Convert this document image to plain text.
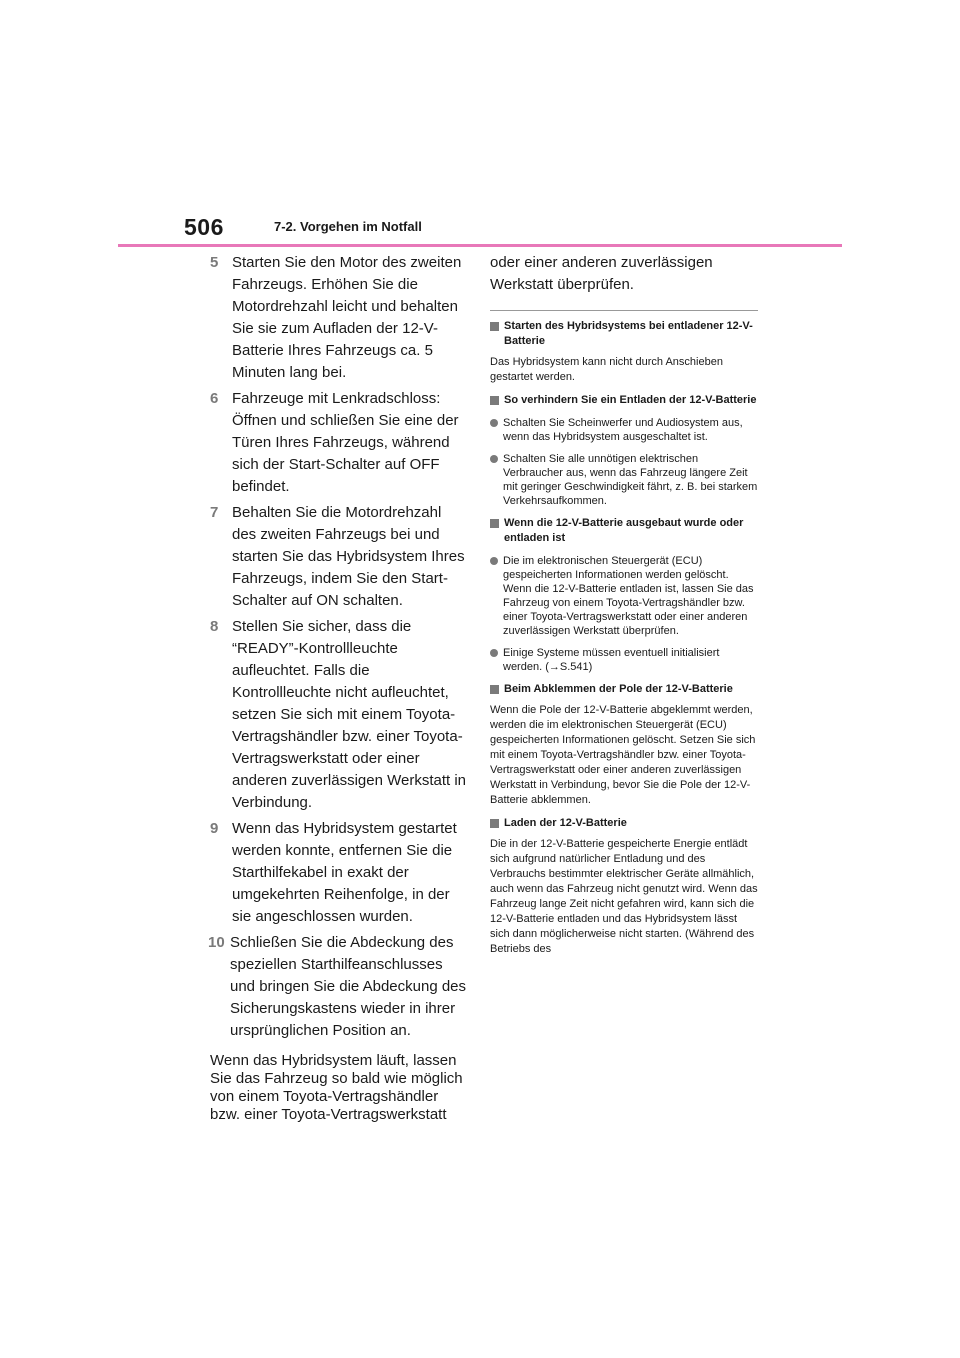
506	7-2. Vorgehen im Notfall
5 Starten Sie den Motor des zweiten Fahrzeugs. Erhöhen Sie die Motordrehzahl leicht und behalten Sie sie zum Aufladen der 12-V-Batterie Ihres Fahrzeugs ca. 5 Minuten lang bei.

6 Fahrzeuge mit Lenkradschloss: Öffnen und schließen Sie eine der Türen Ihres Fahrzeugs, während sich der Start-Schalter auf OFF befindet.

7 Behalten Sie die Motordrehzahl des zweiten Fahrzeugs bei und starten Sie das Hybridsystem Ihres Fahrzeugs, indem Sie den Start-Schalter auf ON schalten.

8 Stellen Sie sicher, dass die “READY”-Kontrollleuchte aufleuchtet. Falls die Kontrollleuchte nicht aufleuchtet, setzen Sie sich mit einem Toyota-Vertragshändler bzw. einer Toyota-Vertragswerkstatt oder einer anderen zuverlässigen Werkstatt in Verbindung.

9 Wenn das Hybridsystem gestartet werden konnte, entfernen Sie die Starthilfekabel in exakt der umgekehrten Reihenfolge, in der sie angeschlossen wurden.

10 Schließen Sie die Abdeckung des speziellen Starthilfeanschlusses und bringen Sie die Abdeckung des Sicherungskastens wieder in ihrer ursprünglichen Position an.

Wenn das Hybridsystem läuft, lassen Sie das Fahrzeug so bald wie möglich von einem Toyota-Vertragshändler bzw. einer Toyota-Vertragswerkstatt

oder einer anderen zuverlässigen Werkstatt überprüfen.

Starten des Hybridsystems bei entladener 12-V-Batterie

Das Hybridsystem kann nicht durch Anschieben gestartet werden.

So verhindern Sie ein Entladen der 12-V-Batterie

Schalten Sie Scheinwerfer und Audiosystem aus, wenn das Hybridsystem ausgeschaltet ist.

Schalten Sie alle unnötigen elektrischen Verbraucher aus, wenn das Fahrzeug längere Zeit mit geringer Geschwindigkeit fährt, z. B. bei starkem Verkehrsaufkommen.

Wenn die 12-V-Batterie ausgebaut wurde oder entladen ist

Die im elektronischen Steuergerät (ECU) gespeicherten Informationen werden gelöscht. Wenn die 12-V-Batterie entladen ist, lassen Sie das Fahrzeug von einem Toyota-Vertragshändler bzw. einer Toyota-Vertragswerkstatt oder einer anderen zuverlässigen Werkstatt überprüfen.

Einige Systeme müssen eventuell initialisiert werden. (→S.541)

Beim Abklemmen der Pole der 12-V-Batterie

Wenn die Pole der 12-V-Batterie abgeklemmt werden, werden die im elektronischen Steuergerät (ECU) gespeicherten Informationen gelöscht. Setzen Sie sich mit einem Toyota-Vertragshändler bzw. einer Toyota-Vertragswerkstatt oder einer anderen zuverlässigen Werkstatt in Verbindung, bevor Sie die Pole der 12-V-Batterie abklemmen.

Laden der 12-V-Batterie

Die in der 12-V-Batterie gespeicherte Energie entlädt sich aufgrund natürlicher Entladung und des Verbrauchs bestimmter elektrischer Geräte allmählich, auch wenn das Fahrzeug nicht genutzt wird. Wenn das Fahrzeug lange Zeit nicht gefahren wird, kann sich die 12-V-Batterie entladen und das Hybridsystem lässt sich dann möglicherweise nicht starten. (Während des Betriebs des
